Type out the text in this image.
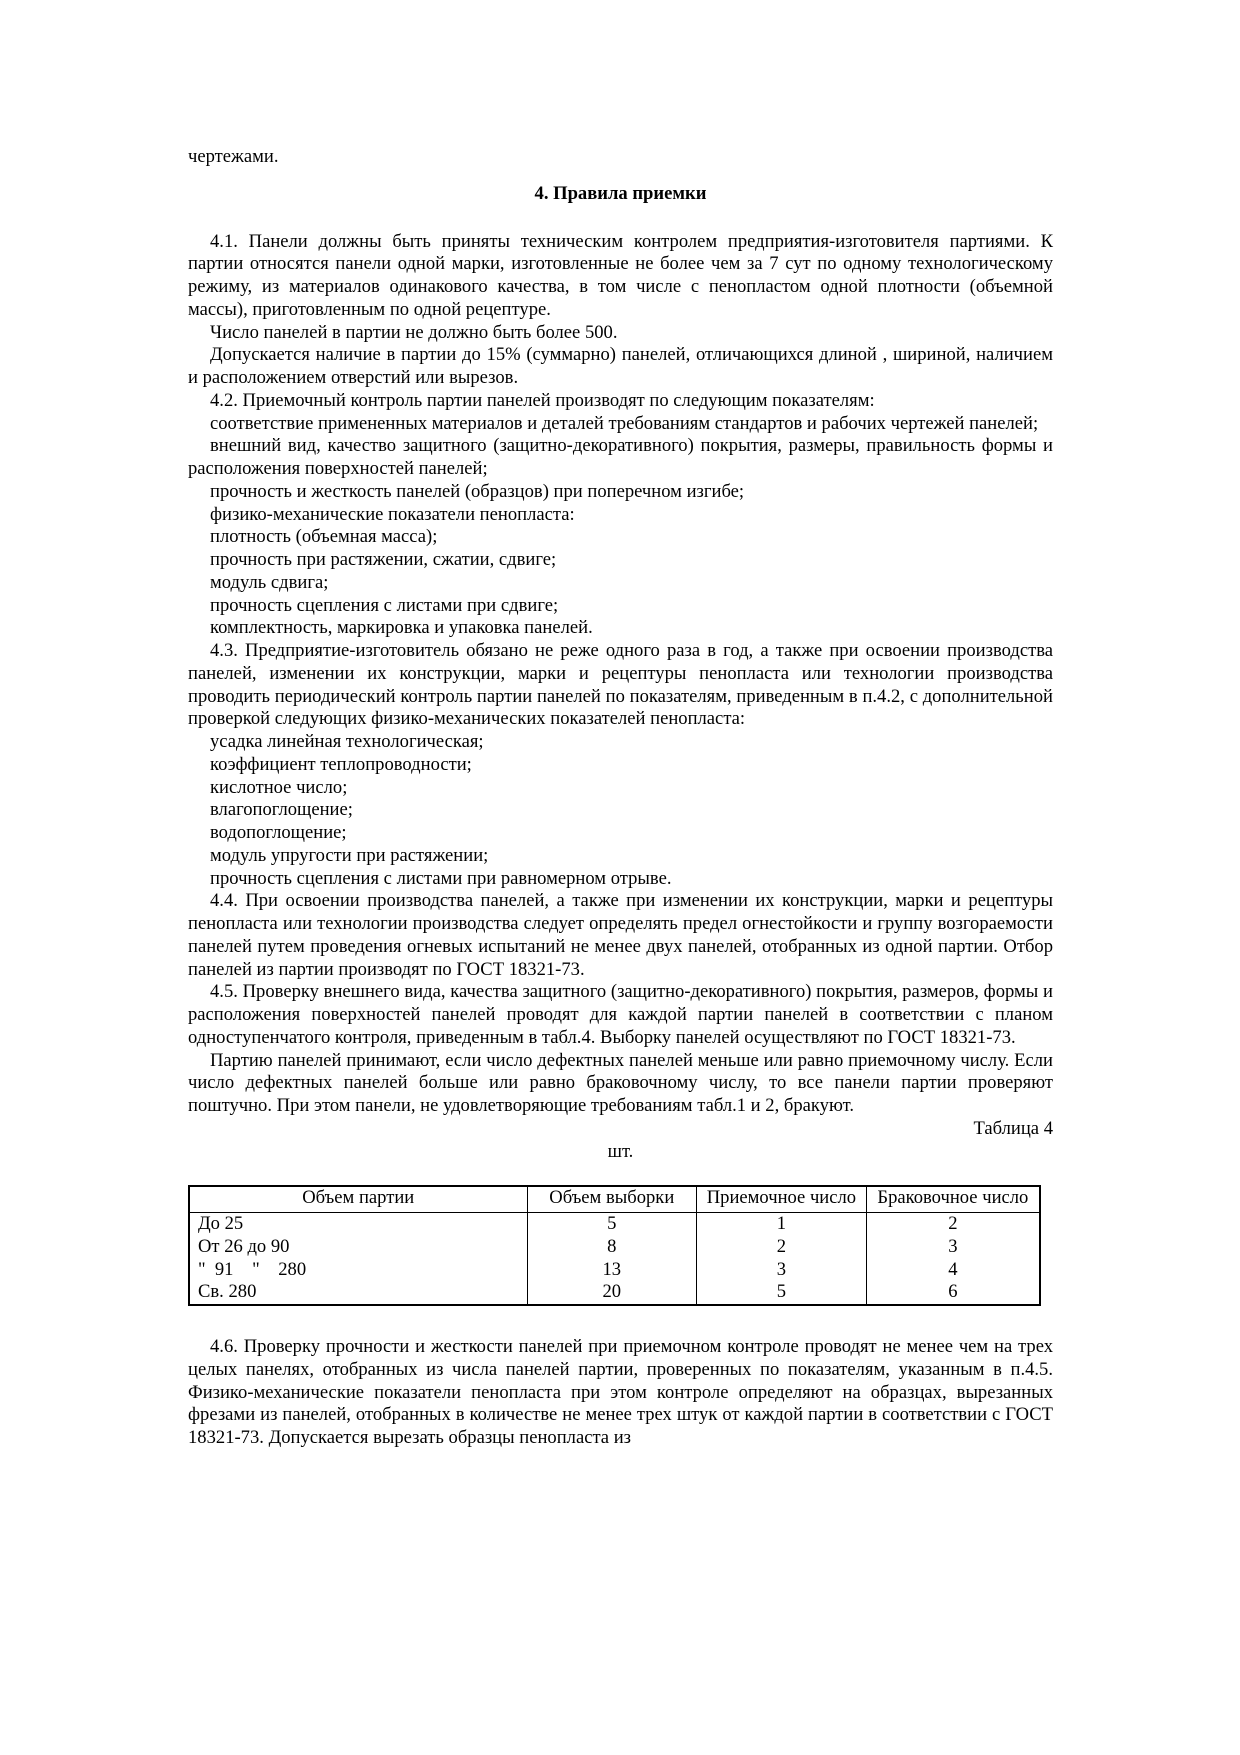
чертежами.

4. Правила приемки

4.1. Панели должны быть приняты техническим контролем предприятия-изготовителя партиями. К партии относятся панели одной марки, изготовленные не более чем за 7 сут по одному технологическому режиму, из материалов одинакового качества, в том числе с пенопластом одной плотности (объемной массы), приготовленным по одной рецептуре.

Число панелей в партии не должно быть более 500.

Допускается наличие в партии до 15% (суммарно) панелей, отличающихся длиной , шириной, наличием и расположением отверстий или вырезов.

4.2. Приемочный контроль партии панелей производят по следующим показателям:

соответствие примененных материалов и деталей требованиям стандартов и рабочих чертежей панелей;

внешний вид, качество защитного (защитно-декоративного) покрытия, размеры, правильность формы и расположения поверхностей панелей;

прочность и жесткость панелей (образцов) при поперечном изгибе;

физико-механические показатели пенопласта:

плотность (объемная масса);

прочность при растяжении, сжатии, сдвиге;

модуль сдвига;

прочность сцепления с листами при сдвиге;

комплектность, маркировка и упаковка панелей.

4.3. Предприятие-изготовитель обязано не реже одного раза в год, а также при освоении производства панелей, изменении их конструкции, марки и рецептуры пенопласта или технологии производства проводить периодический контроль партии панелей по показателям, приведенным в п.4.2, с дополнительной проверкой следующих физико-механических показателей пенопласта:

усадка линейная технологическая;

коэффициент теплопроводности;

кислотное число;

влагопоглощение;

водопоглощение;

модуль упругости при растяжении;

прочность сцепления с листами при равномерном отрыве.

4.4. При освоении производства панелей, а также при изменении их конструкции, марки и рецептуры пенопласта или технологии производства следует определять предел огнестойкости и группу возгораемости панелей путем проведения огневых испытаний не менее двух панелей, отобранных из одной партии. Отбор панелей из партии производят по ГОСТ 18321-73.

4.5. Проверку внешнего вида, качества защитного (защитно-декоративного) покрытия, размеров, формы и расположения поверхностей панелей проводят для каждой партии панелей в соответствии с планом одноступенчатого контроля, приведенным в табл.4. Выборку панелей осуществляют по ГОСТ 18321-73.

Партию панелей принимают, если число дефектных панелей меньше или равно приемочному числу. Если число дефектных панелей больше или равно браковочному числу, то все панели партии проверяют поштучно. При этом панели, не удовлетворяющие требованиям табл.1 и 2, бракуют.

Таблица 4
шт.
Объем партии	Объем выборки	Приемочное число	Браковочное число
До 25	5	1	2
От 26 до 90	8	2	3
"  91    "    280	13	3	4
Св. 280	20	5	6

4.6. Проверку прочности и жесткости панелей при приемочном контроле проводят не менее чем на трех целых панелях, отобранных из числа панелей партии, проверенных по показателям, указанным в п.4.5. Физико-механические показатели пенопласта при этом контроле определяют на образцах, вырезанных фрезами из панелей, отобранных в количестве не менее трех штук от каждой партии в соответствии с ГОСТ 18321-73. Допускается вырезать образцы пенопласта из
